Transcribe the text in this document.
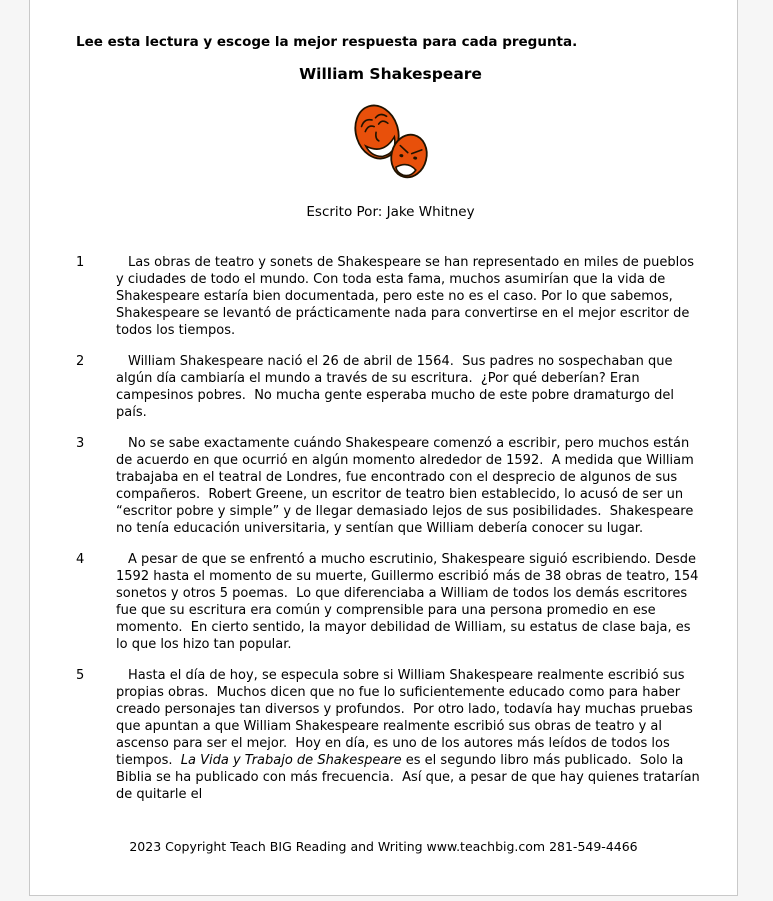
Lee esta lectura y escoge la mejor respuesta para cada pregunta.
William Shakespeare
Escrito Por: Jake Whitney
1	Las obras de teatro y sonets de Shakespeare se han representado en miles de pueblos y ciudades de todo el mundo. Con toda esta fama, muchos asumirían que la vida de Shakespeare estaría bien documentada, pero este no es el caso. Por lo que sabemos, Shakespeare se levantó de prácticamente nada para convertirse en el mejor escritor de todos los tiempos.
2	William Shakespeare nació el 26 de abril de 1564.  Sus padres no sospechaban que algún día cambiaría el mundo a través de su escritura.  ¿Por qué deberían? Eran campesinos pobres.  No mucha gente esperaba mucho de este pobre dramaturgo del país.
3	No se sabe exactamente cuándo Shakespeare comenzó a escribir, pero muchos están de acuerdo en que ocurrió en algún momento alrededor de 1592.  A medida que William trabajaba en el teatral de Londres, fue encontrado con el desprecio de algunos de sus compañeros.  Robert Greene, un escritor de teatro bien establecido, lo acusó de ser un “escritor pobre y simple” y de llegar demasiado lejos de sus posibilidades.  Shakespeare no tenía educación universitaria, y sentían que William debería conocer su lugar.
4	A pesar de que se enfrentó a mucho escrutinio, Shakespeare siguió escribiendo. Desde 1592 hasta el momento de su muerte, Guillermo escribió más de 38 obras de teatro, 154 sonetos y otros 5 poemas.  Lo que diferenciaba a William de todos los demás escritores fue que su escritura era común y comprensible para una persona promedio en ese momento.  En cierto sentido, la mayor debilidad de William, su estatus de clase baja, es lo que los hizo tan popular.
5	Hasta el día de hoy, se especula sobre si William Shakespeare realmente escribió sus propias obras.  Muchos dicen que no fue lo suficientemente educado como para haber creado personajes tan diversos y profundos.  Por otro lado, todavía hay muchas pruebas que apuntan a que William Shakespeare realmente escribió sus obras de teatro y al ascenso para ser el mejor.  Hoy en día, es uno de los autores más leídos de todos los tiempos.  La Vida y Trabajo de Shakespeare es el segundo libro más publicado.  Solo la Biblia se ha publicado con más frecuencia.  Así que, a pesar de que hay quienes tratarían de quitarle el
2023 Copyright Teach BIG Reading and Writing www.teachbig.com 281-549-4466
